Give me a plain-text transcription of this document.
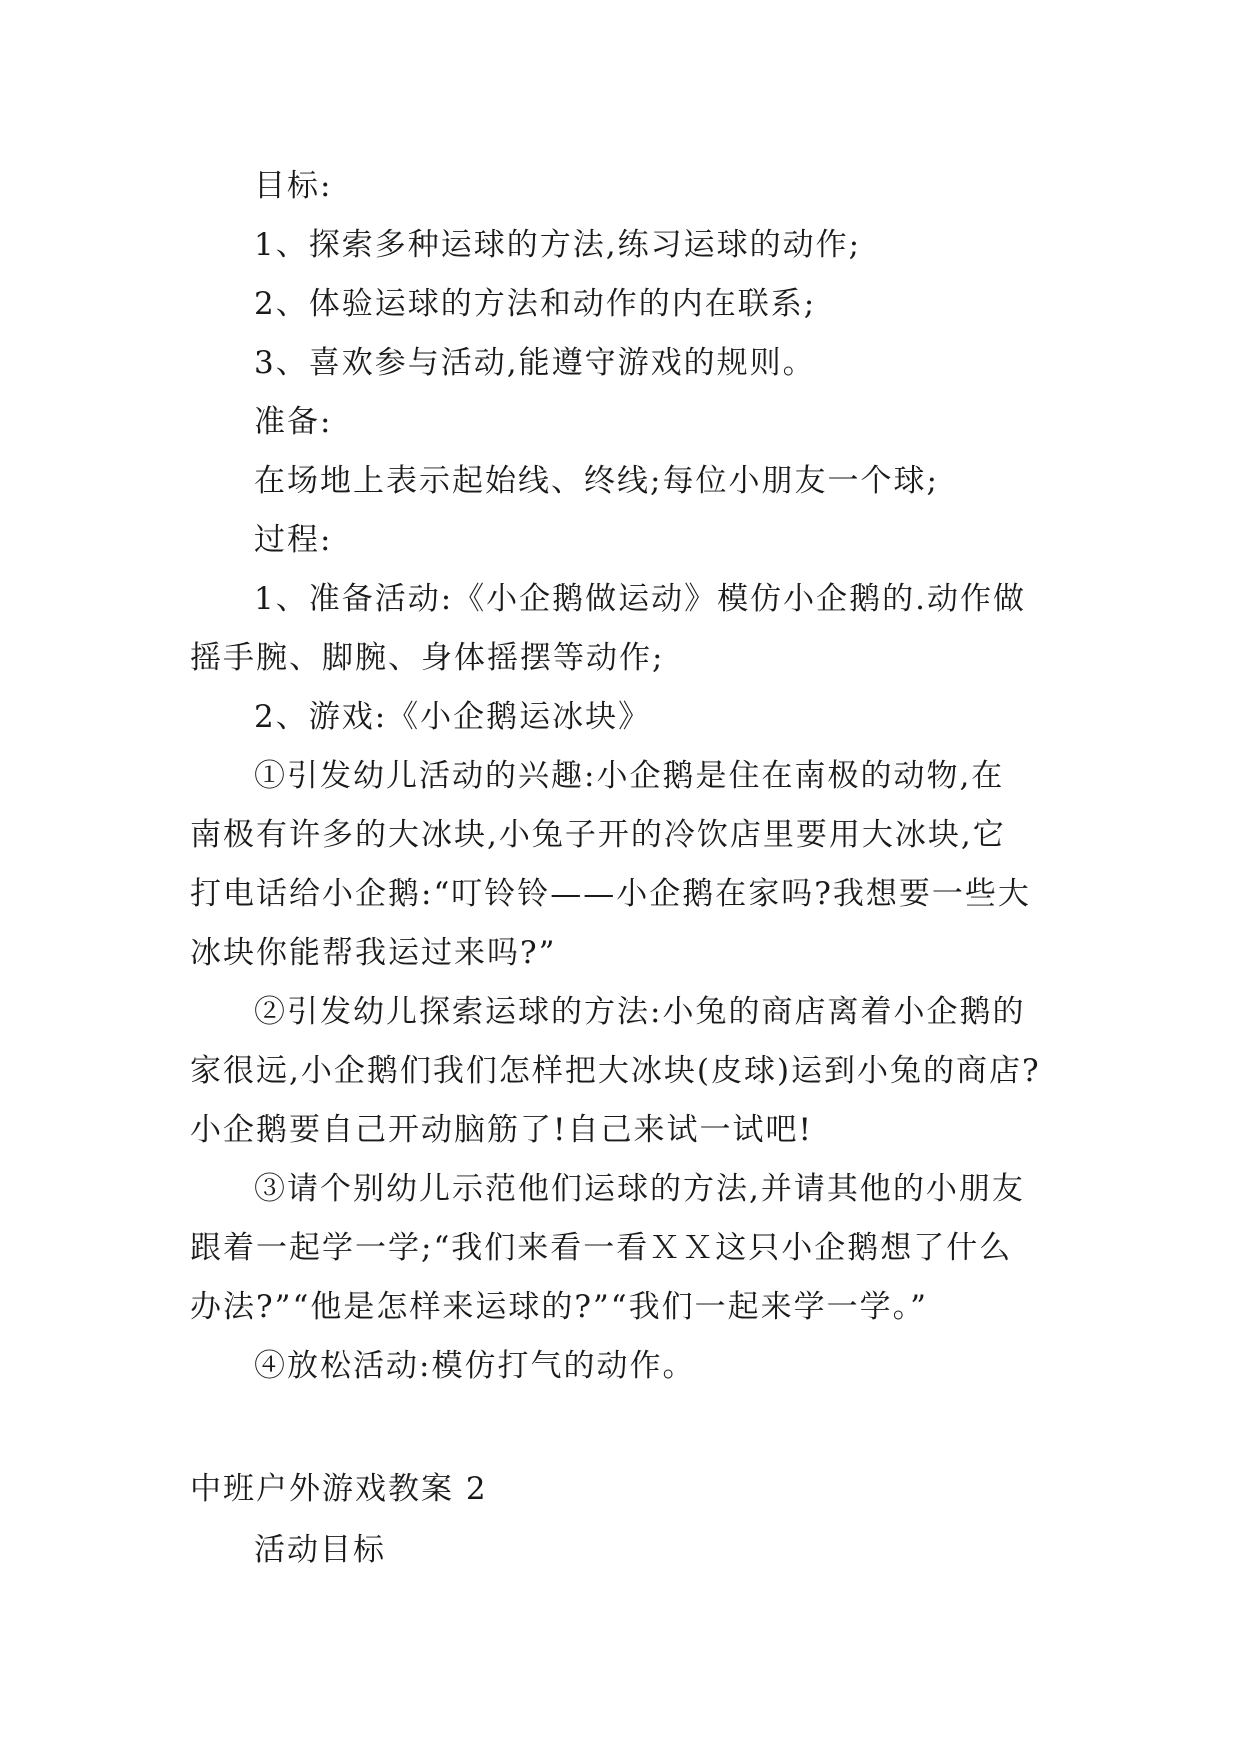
目标:
1、探索多种运球的方法,练习运球的动作;
2、体验运球的方法和动作的内在联系;
3、喜欢参与活动,能遵守游戏的规则。
准备:
在场地上表示起始线、终线;每位小朋友一个球;
过程:
1、准备活动:《小企鹅做运动》模仿小企鹅的.动作做
摇手腕、脚腕、身体摇摆等动作;
2、游戏:《小企鹅运冰块》
①引发幼儿活动的兴趣:小企鹅是住在南极的动物,在
南极有许多的大冰块,小兔子开的冷饮店里要用大冰块,它
打电话给小企鹅:“叮铃铃——小企鹅在家吗?我想要一些大
冰块你能帮我运过来吗?”
②引发幼儿探索运球的方法:小兔的商店离着小企鹅的
家很远,小企鹅们我们怎样把大冰块(皮球)运到小兔的商店?
小企鹅要自己开动脑筋了!自己来试一试吧!
③请个别幼儿示范他们运球的方法,并请其他的小朋友
跟着一起学一学;“我们来看一看ＸＸ这只小企鹅想了什么
办法?”“他是怎样来运球的?”“我们一起来学一学。”
④放松活动:模仿打气的动作。
中班户外游戏教案 2
活动目标
